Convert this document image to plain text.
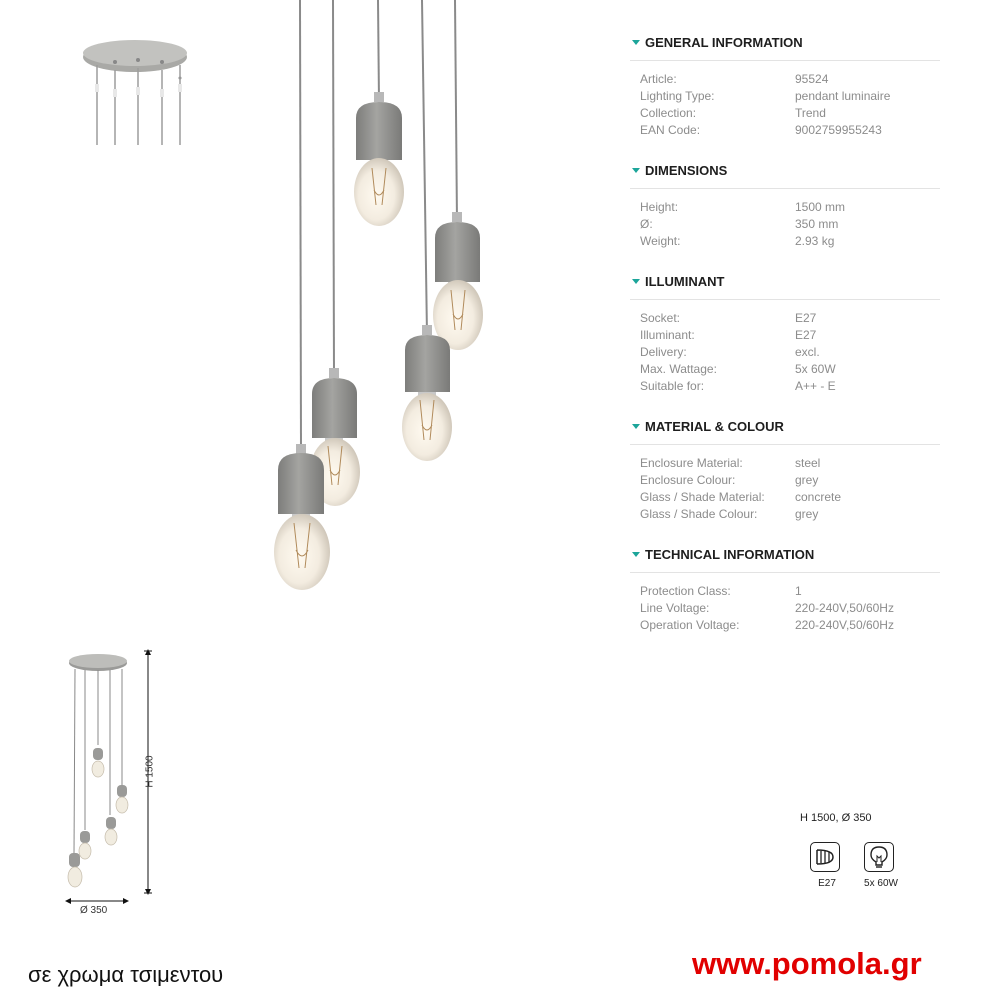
GENERAL INFORMATION
Article:	95524
Lighting Type:	pendant luminaire
Collection:	Trend
EAN Code:	9002759955243
DIMENSIONS
Height:	1500 mm
Ø:	350 mm
Weight:	2.93 kg
ILLUMINANT
Socket:	E27
Illuminant:	E27
Delivery:	excl.
Max. Wattage:	5x 60W
Suitable for:	A++ - E
MATERIAL & COLOUR
Enclosure Material:	steel
Enclosure Colour:	grey
Glass / Shade Material:	concrete
Glass / Shade Colour:	grey
TECHNICAL INFORMATION
Protection Class:	1
Line Voltage:	220-240V,50/60Hz
Operation Voltage:	220-240V,50/60Hz
H 1500
Ø 350
H 1500, Ø 350
E27	5x 60W
σε χρωμα τσιμεντου	www.pomola.gr
